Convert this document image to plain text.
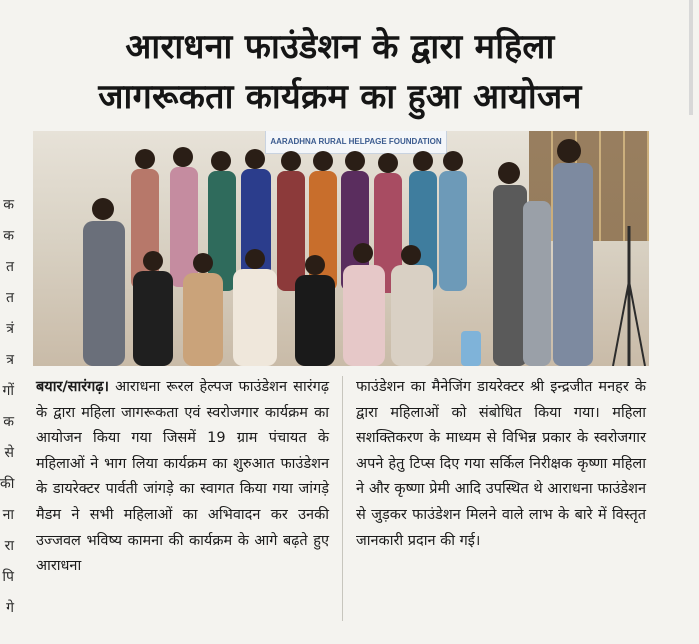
क
क
त
त
त्रं
त्र
गों
क
से
की
ना
रा
पि
गे
आराधना फाउंडेशन के द्वारा महिला
जागरूकता कार्यक्रम का हुआ आयोजन
AARADHNA RURAL HELPAGE FOUNDATION

बयार/सारंगढ़। आराधना रूरल हेल्पज फाउंडेशन सारंगढ़ के द्वारा महिला जागरूकता एवं स्वरोजगार कार्यक्रम का आयोजन किया गया जिसमें 19 ग्राम पंचायत के महिलाओं ने भाग लिया कार्यक्रम का शुरुआत फाउंडेशन के डायरेक्टर पार्वती जांगड़े का स्वागत किया गया जांगड़े मैडम ने सभी महिलाओं का अभिवादन कर उनकी उज्जवल भविष्य कामना की कार्यक्रम के आगे बढ़ते हुए आराधना

फाउंडेशन का मैनेजिंग डायरेक्टर श्री इन्द्रजीत मनहर के द्वारा महिलाओं को संबोधित किया गया। महिला सशक्तिकरण के माध्यम से विभिन्न प्रकार के स्वरोजगार अपने हेतु टिप्स दिए गया सर्किल निरीक्षक कृष्णा महिला ने और कृष्णा प्रेमी आदि उपस्थित थे आराधना फाउंडेशन से जुड़कर फाउंडेशन मिलने वाले लाभ के बारे में विस्तृत जानकारी प्रदान की गई।
